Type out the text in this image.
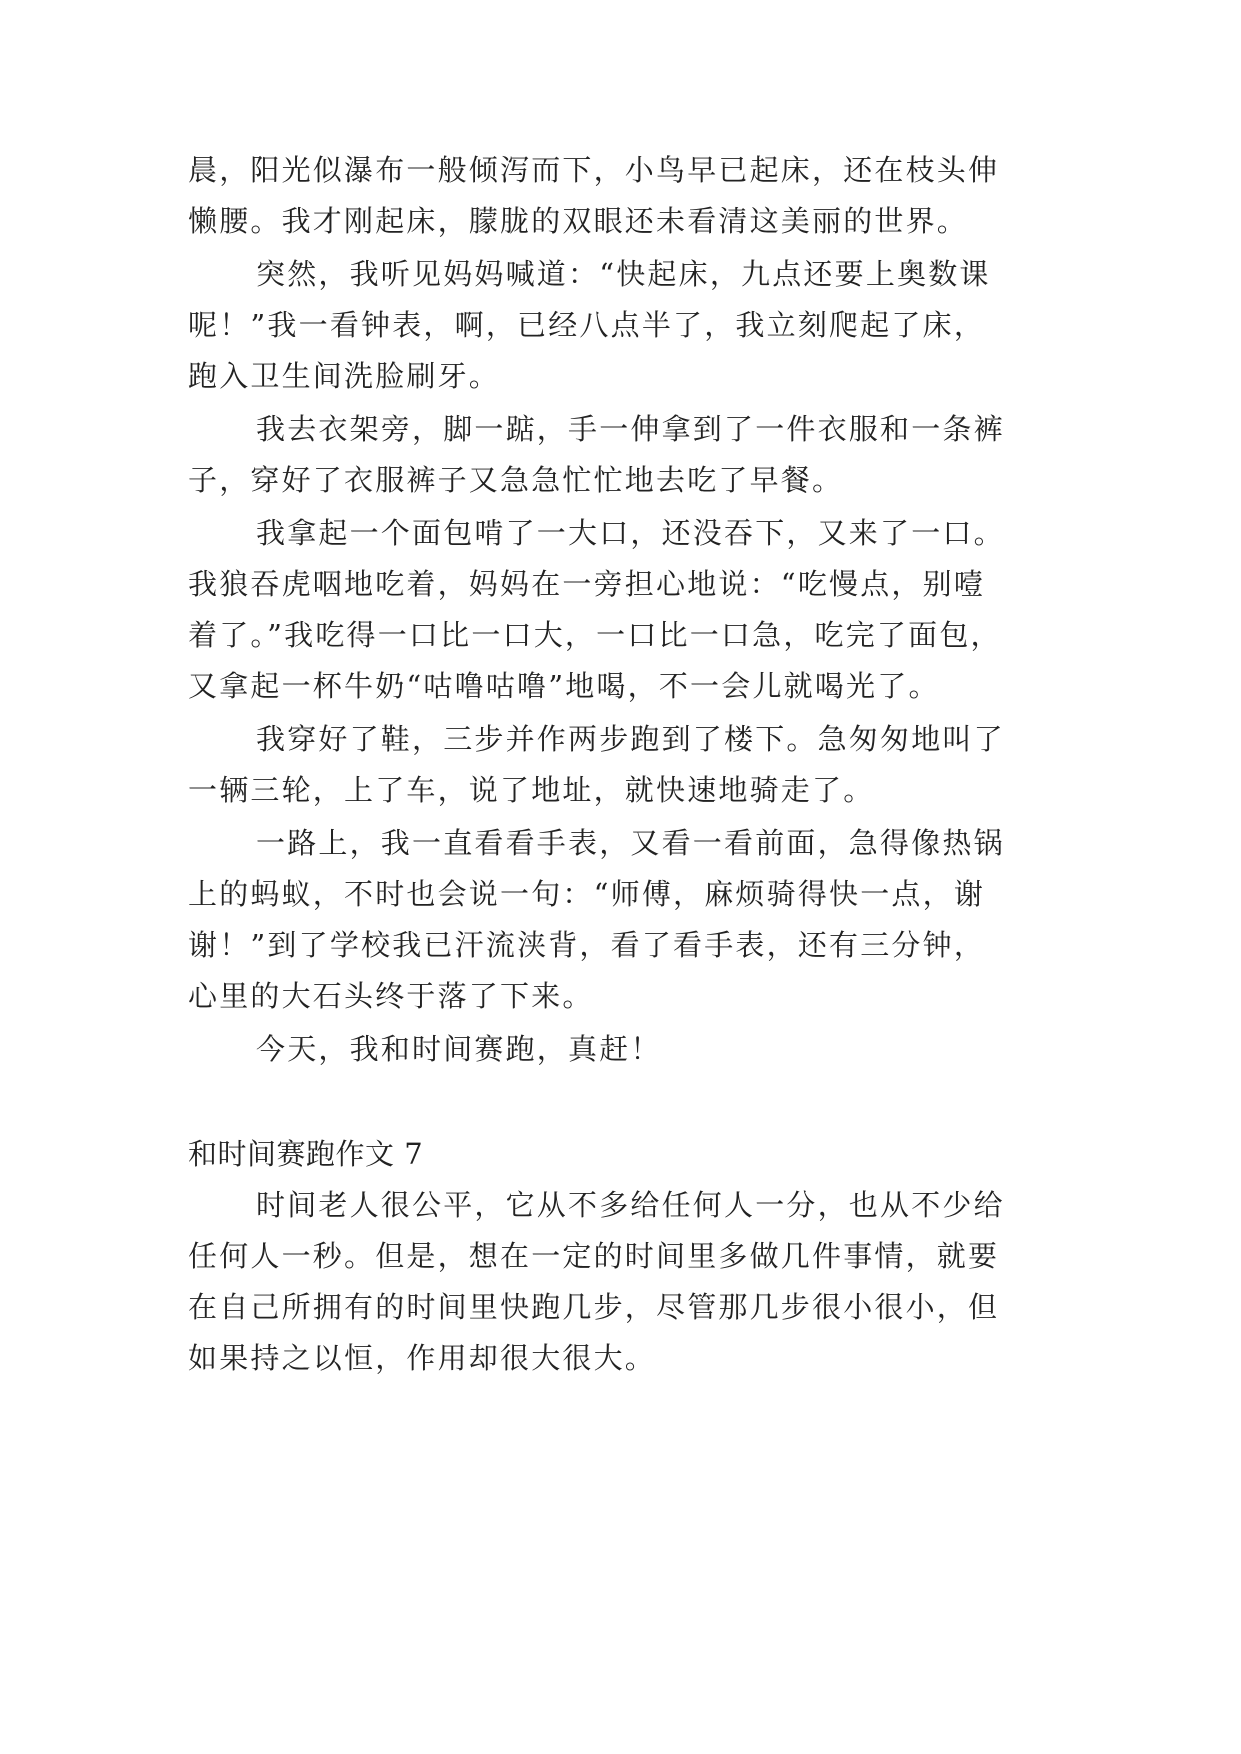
晨，阳光似瀑布一般倾泻而下，小鸟早已起床，还在枝头伸
懒腰。我才刚起床，朦胧的双眼还未看清这美丽的世界。
突然，我听见妈妈喊道：“快起床，九点还要上奥数课
呢！”我一看钟表，啊，已经八点半了，我立刻爬起了床，
跑入卫生间洗脸刷牙。
我去衣架旁，脚一踮，手一伸拿到了一件衣服和一条裤
子，穿好了衣服裤子又急急忙忙地去吃了早餐。
我拿起一个面包啃了一大口，还没吞下，又来了一口。
我狼吞虎咽地吃着，妈妈在一旁担心地说：“吃慢点，别噎
着了。”我吃得一口比一口大，一口比一口急，吃完了面包，
又拿起一杯牛奶“咕噜咕噜”地喝，不一会儿就喝光了。
我穿好了鞋，三步并作两步跑到了楼下。急匆匆地叫了
一辆三轮，上了车，说了地址，就快速地骑走了。
一路上，我一直看看手表，又看一看前面，急得像热锅
上的蚂蚁，不时也会说一句：“师傅，麻烦骑得快一点，谢
谢！”到了学校我已汗流浃背，看了看手表，还有三分钟，
心里的大石头终于落了下来。
今天，我和时间赛跑，真赶！
和时间赛跑作文 7
时间老人很公平，它从不多给任何人一分，也从不少给
任何人一秒。但是，想在一定的时间里多做几件事情，就要
在自己所拥有的时间里快跑几步，尽管那几步很小很小，但
如果持之以恒，作用却很大很大。
